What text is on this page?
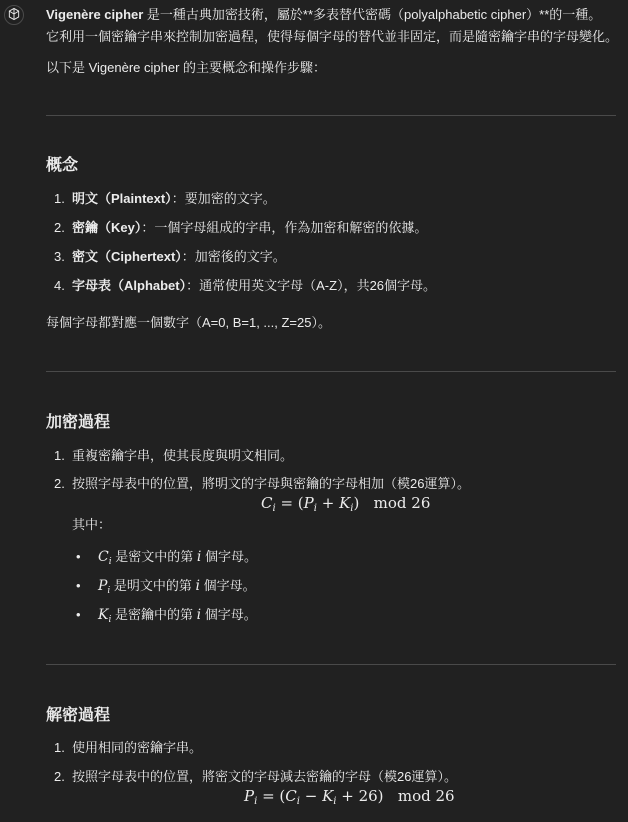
Vigenère cipher 是一種古典加密技術，屬於**多表替代密碼（polyalphabetic cipher）**的一種。
它利用一個密鑰字串來控制加密過程，使得每個字母的替代並非固定，而是隨密鑰字串的字母變化。
以下是 Vigenère cipher 的主要概念和操作步驟：
概念
1. 明文（Plaintext）：要加密的文字。
2. 密鑰（Key）：一個字母組成的字串，作為加密和解密的依據。
3. 密文（Ciphertext）：加密後的文字。
4. 字母表（Alphabet）：通常使用英文字母（A-Z），共26個字母。
每個字母都對應一個數字（A=0, B=1, ..., Z=25）。
加密過程
1. 重複密鑰字串，使其長度與明文相同。
2. 按照字母表中的位置，將明文的字母與密鑰的字母相加（模26運算）。
$C_i = (P_i + K_i)$ mod 26
其中：
• $C_i$ 是密文中的第 i 個字母。
• $P_i$ 是明文中的第 i 個字母。
• $K_i$ 是密鑰中的第 i 個字母。
解密過程
1. 使用相同的密鑰字串。
2. 按照字母表中的位置，將密文的字母減去密鑰的字母（模26運算）。
$P_i = (C_i - K_i + 26)$ mod 26
